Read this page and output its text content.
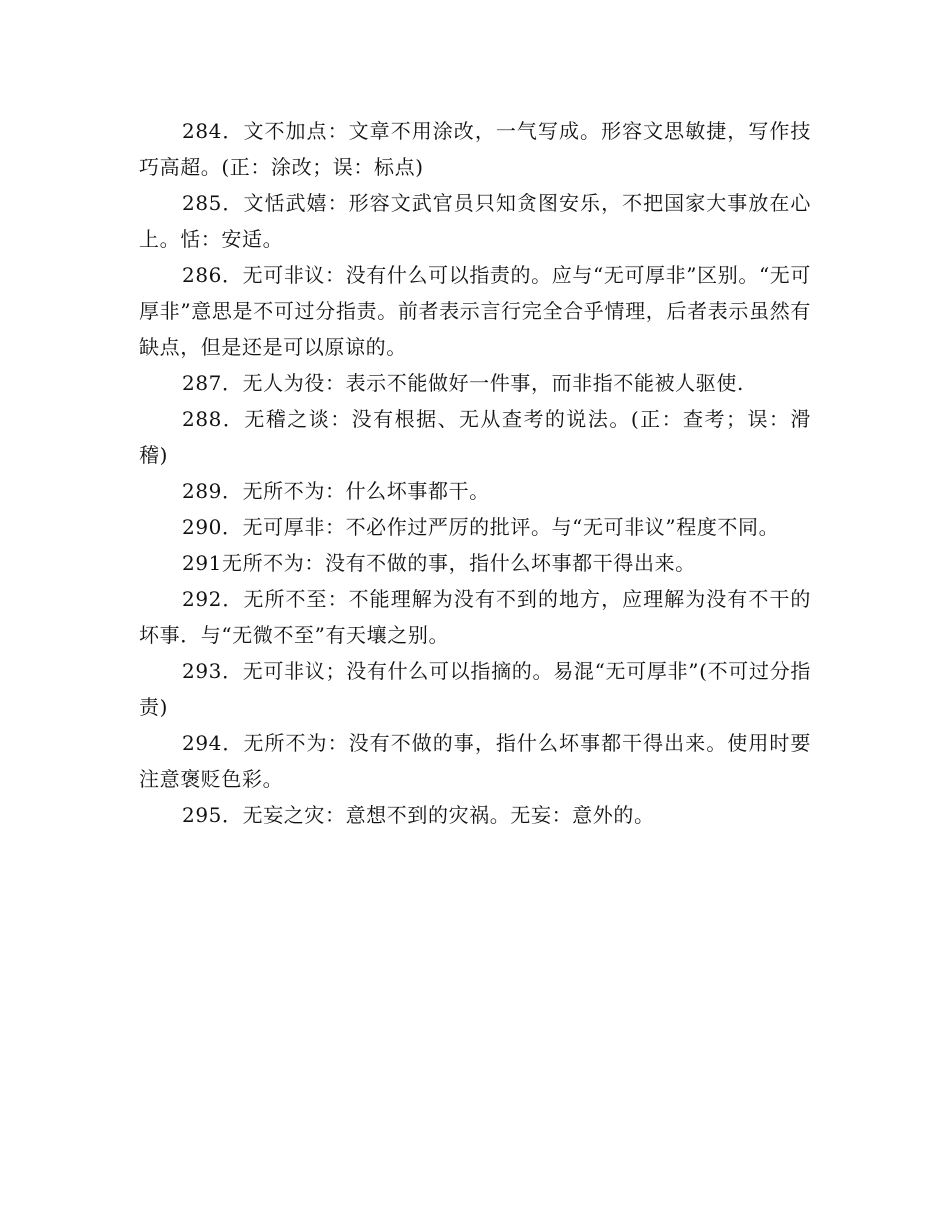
284．文不加点：文章不用涂改，一气写成。形容文思敏捷，写作技巧高超。(正：涂改；误：标点)

285．文恬武嬉：形容文武官员只知贪图安乐，不把国家大事放在心上。恬：安适。

286．无可非议：没有什么可以指责的。应与“无可厚非”区别。“无可厚非”意思是不可过分指责。前者表示言行完全合乎情理，后者表示虽然有缺点，但是还是可以原谅的。

287．无人为役：表示不能做好一件事，而非指不能被人驱使.

288．无稽之谈：没有根据、无从查考的说法。(正：查考；误：滑稽)

289．无所不为：什么坏事都干。

290．无可厚非：不必作过严厉的批评。与“无可非议”程度不同。

291无所不为：没有不做的事，指什么坏事都干得出来。

292．无所不至：不能理解为没有不到的地方，应理解为没有不干的坏事．与“无微不至”有天壤之别。

293．无可非议；没有什么可以指摘的。易混“无可厚非”(不可过分指责)

294．无所不为：没有不做的事，指什么坏事都干得出来。使用时要注意褒贬色彩。

295．无妄之灾：意想不到的灾祸。无妄：意外的。
